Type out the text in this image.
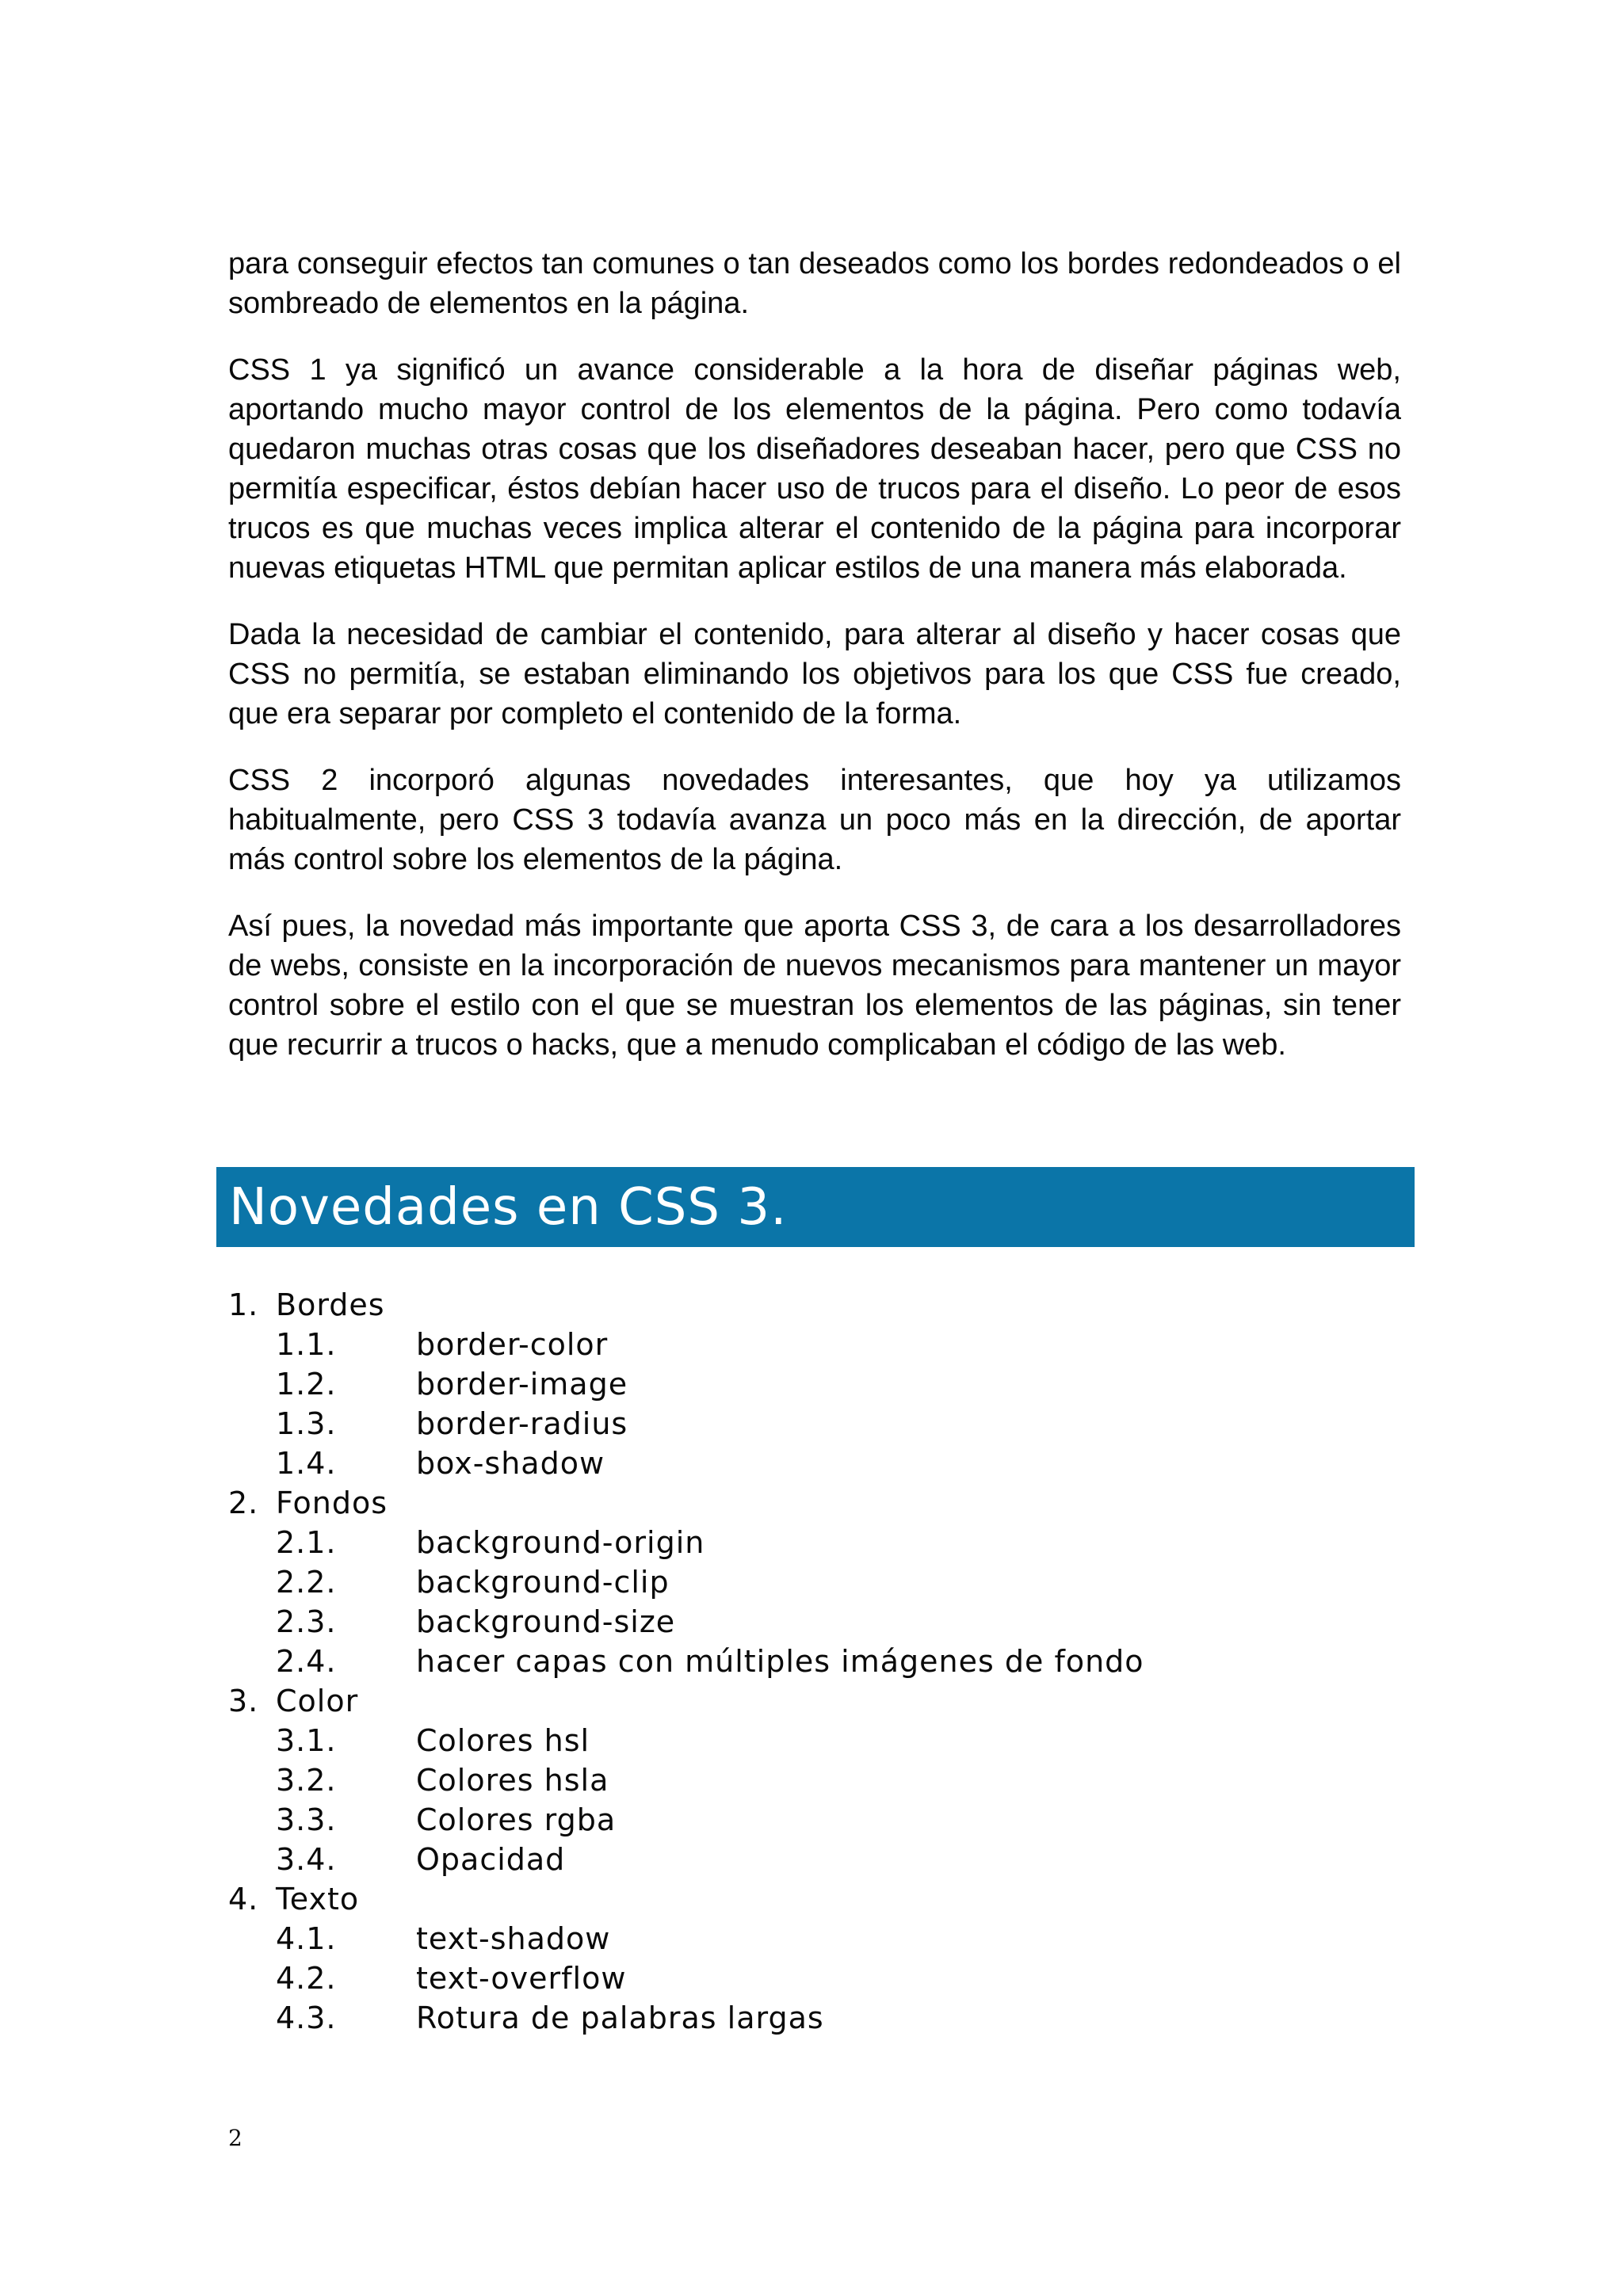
para conseguir efectos tan comunes o tan deseados como los bordes redondeados o el sombreado de elementos en la página.

CSS 1 ya significó un avance considerable a la hora de diseñar páginas web, aportando mucho mayor control de los elementos de la página. Pero como todavía quedaron muchas otras cosas que los diseñadores deseaban hacer, pero que CSS no permitía especificar, éstos debían hacer uso de trucos para el diseño. Lo peor de esos trucos es que muchas veces implica alterar el contenido de la página para incorporar nuevas etiquetas HTML que permitan aplicar estilos de una manera más elaborada.

Dada la necesidad de cambiar el contenido, para alterar al diseño y hacer cosas que CSS no permitía, se estaban eliminando los objetivos para los que CSS fue creado, que era separar por completo el contenido de la forma.

CSS 2 incorporó algunas novedades interesantes, que hoy ya utilizamos habitualmente, pero CSS 3 todavía avanza un poco más en la dirección, de aportar más control sobre los elementos de la página.

Así pues, la novedad más importante que aporta CSS 3, de cara a los desarrolladores de webs, consiste en la incorporación de nuevos mecanismos para mantener un mayor control sobre el estilo con el que se muestran los elementos de las páginas, sin tener que recurrir a trucos o hacks, que a menudo complicaban el código de las web.

Novedades en CSS 3.
1. Bordes
1.1.	border-color
1.2.	border-image
1.3.	border-radius
1.4.	box-shadow
2. Fondos
2.1.	background-origin
2.2.	background-clip
2.3.	background-size
2.4.	hacer capas con múltiples imágenes de fondo
3. Color
3.1.	Colores hsl
3.2.	Colores hsla
3.3.	Colores rgba
3.4.	Opacidad
4. Texto
4.1.	text-shadow
4.2.	text-overflow
4.3.	Rotura de palabras largas
2
